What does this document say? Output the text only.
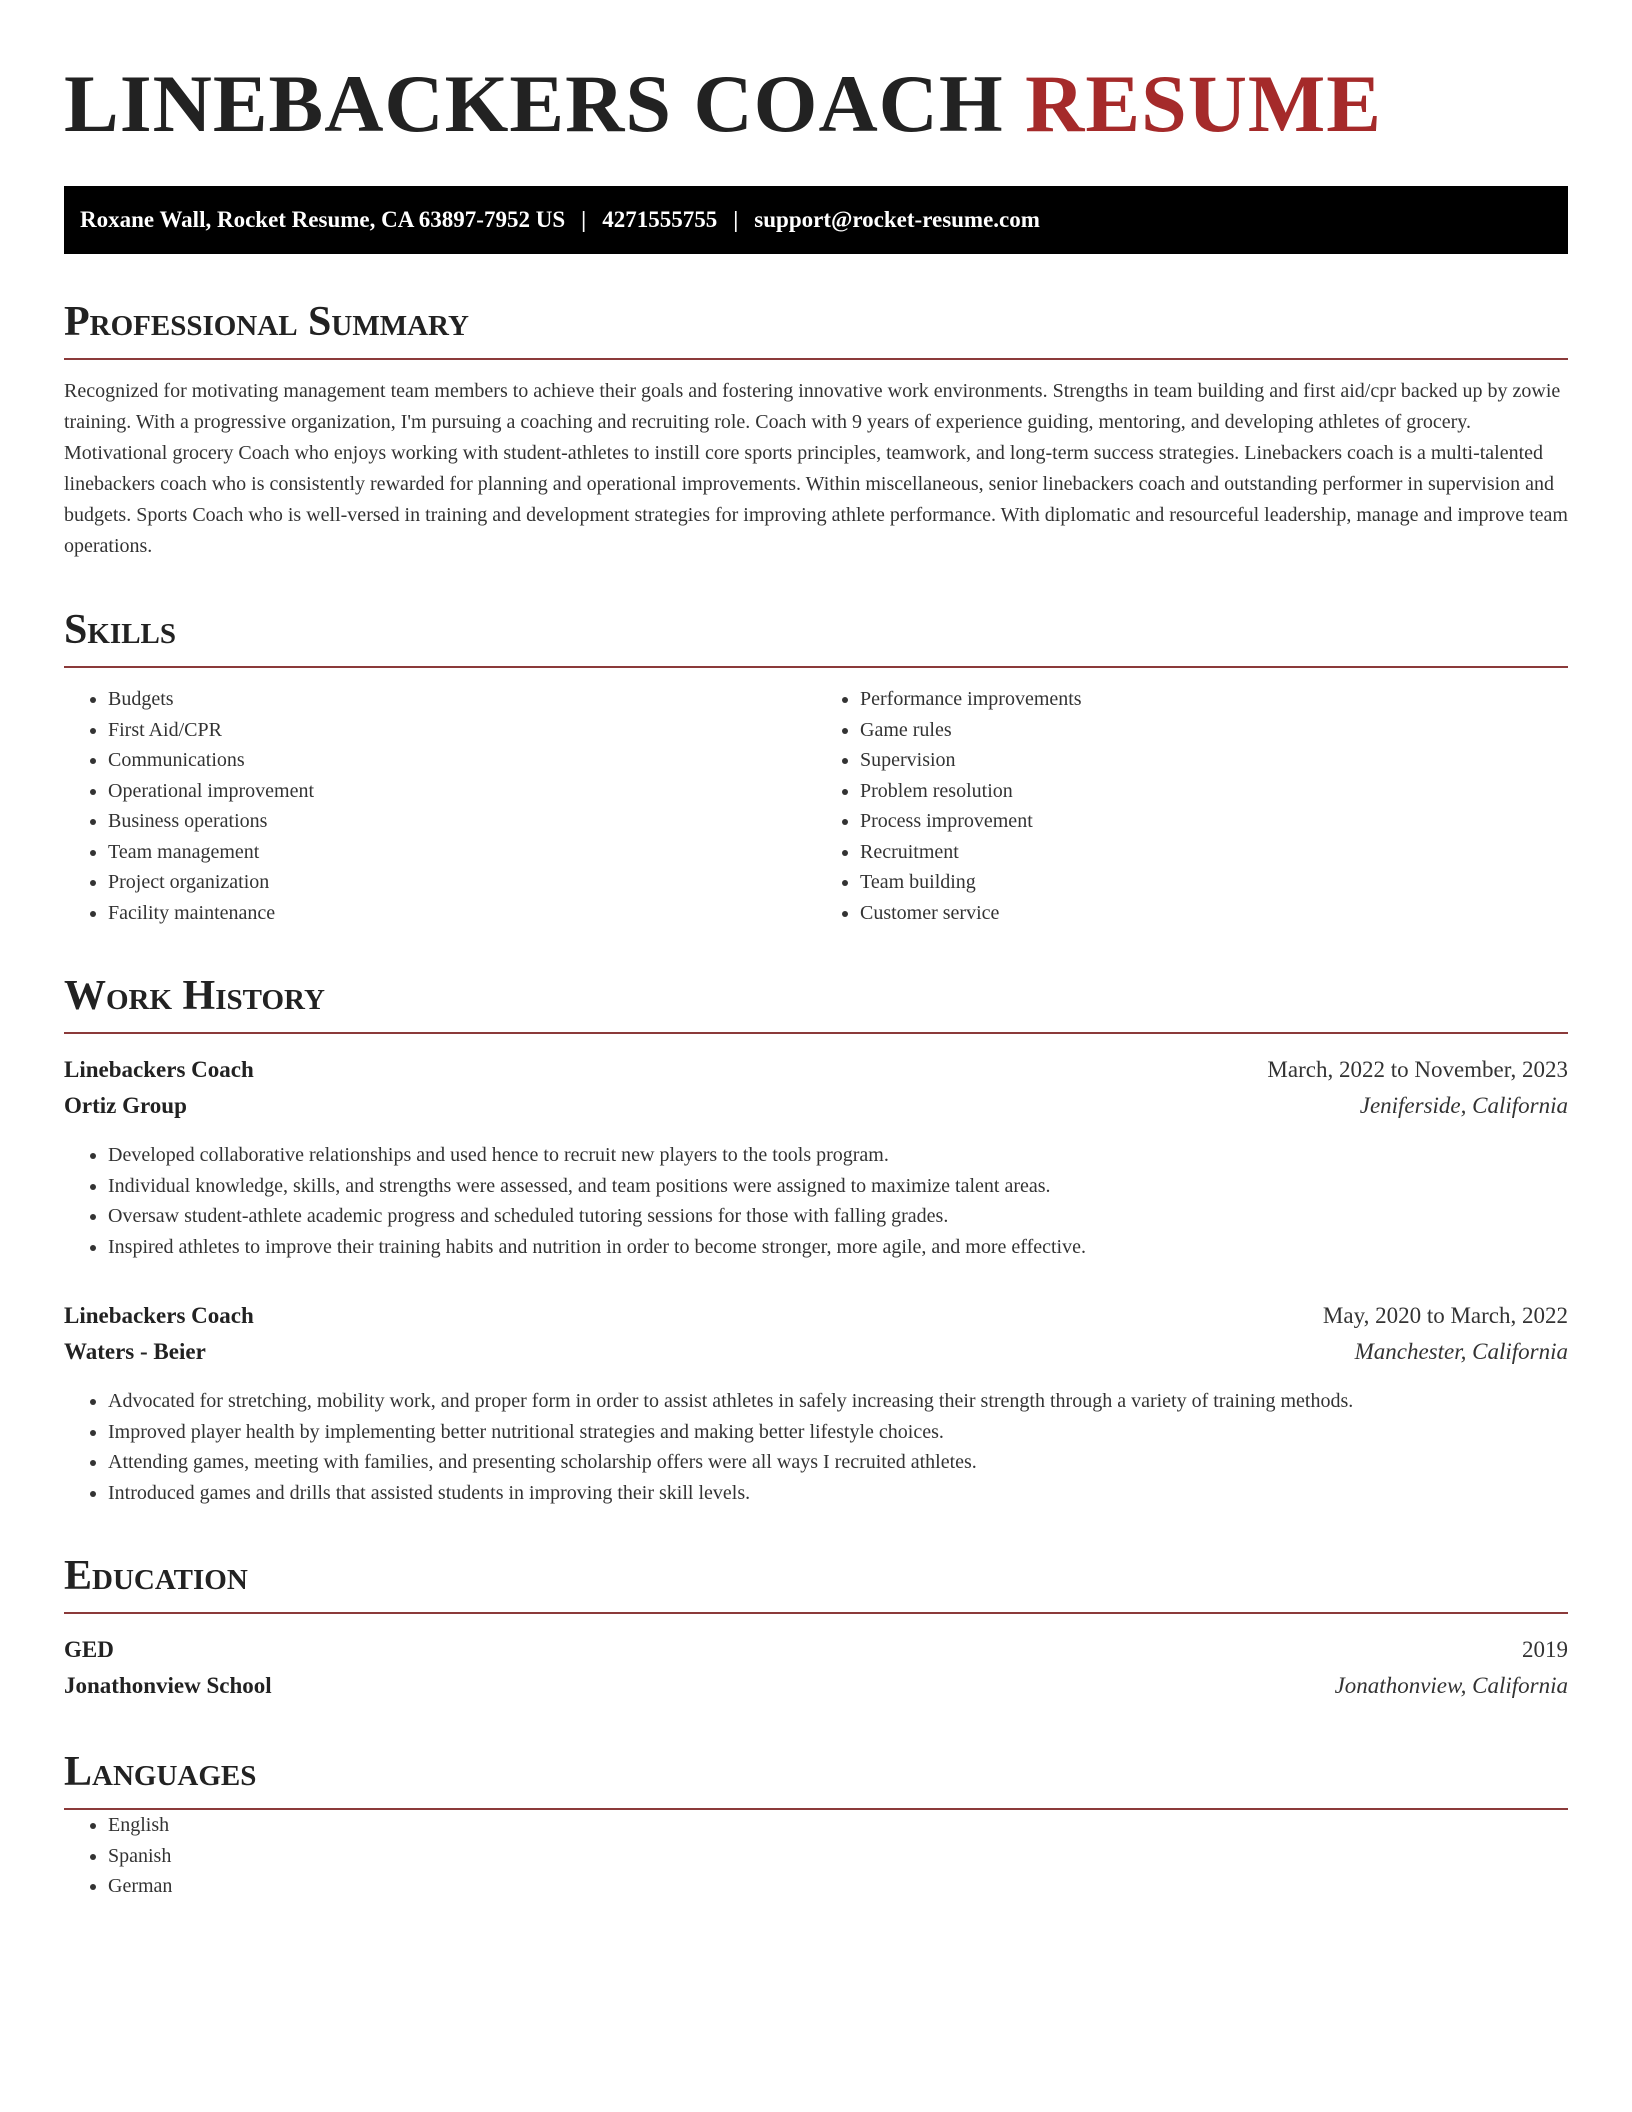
LINEBACKERS COACH RESUME
Roxane Wall, Rocket Resume, CA 63897-7952 US | 4271555755 | support@rocket-resume.com
Professional Summary
Recognized for motivating management team members to achieve their goals and fostering innovative work environments. Strengths in team building and first aid/cpr backed up by zowie training. With a progressive organization, I'm pursuing a coaching and recruiting role. Coach with 9 years of experience guiding, mentoring, and developing athletes of grocery. Motivational grocery Coach who enjoys working with student-athletes to instill core sports principles, teamwork, and long-term success strategies. Linebackers coach is a multi-talented linebackers coach who is consistently rewarded for planning and operational improvements. Within miscellaneous, senior linebackers coach and outstanding performer in supervision and budgets. Sports Coach who is well-versed in training and development strategies for improving athlete performance. With diplomatic and resourceful leadership, manage and improve team operations.
Skills
• Budgets
• First Aid/CPR
• Communications
• Operational improvement
• Business operations
• Team management
• Project organization
• Facility maintenance
• Performance improvements
• Game rules
• Supervision
• Problem resolution
• Process improvement
• Recruitment
• Team building
• Customer service
Work History
Linebackers Coach	March, 2022 to November, 2023
Ortiz Group	Jeniferside, California
• Developed collaborative relationships and used hence to recruit new players to the tools program.
• Individual knowledge, skills, and strengths were assessed, and team positions were assigned to maximize talent areas.
• Oversaw student-athlete academic progress and scheduled tutoring sessions for those with falling grades.
• Inspired athletes to improve their training habits and nutrition in order to become stronger, more agile, and more effective.
Linebackers Coach	May, 2020 to March, 2022
Waters - Beier	Manchester, California
• Advocated for stretching, mobility work, and proper form in order to assist athletes in safely increasing their strength through a variety of training methods.
• Improved player health by implementing better nutritional strategies and making better lifestyle choices.
• Attending games, meeting with families, and presenting scholarship offers were all ways I recruited athletes.
• Introduced games and drills that assisted students in improving their skill levels.
Education
GED	2019
Jonathonview School	Jonathonview, California
Languages
• English
• Spanish
• German
